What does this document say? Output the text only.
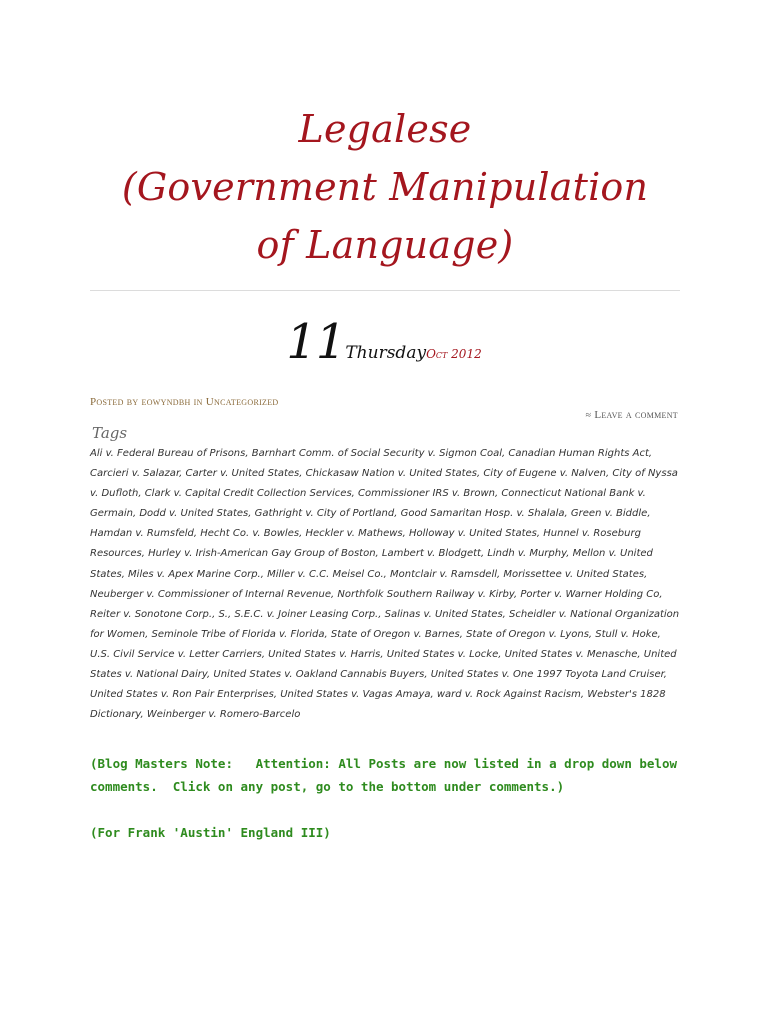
Legalese
(Government Manipulation
of Language)
11ThursdayOct 2012
Posted by eowyndbh in Uncategorized
≈ Leave a comment
Tags
Ali v. Federal Bureau of Prisons, Barnhart Comm. of Social Security v. Sigmon Coal, Canadian Human Rights Act, Carcieri v. Salazar, Carter v. United States, Chickasaw Nation v. United States, City of Eugene v. Nalven, City of Nyssa v. Dufloth, Clark v. Capital Credit Collection Services, Commissioner IRS v. Brown, Connecticut National Bank v. Germain, Dodd v. United States, Gathright v. City of Portland, Good Samaritan Hosp. v. Shalala, Green v. Biddle, Hamdan v. Rumsfeld, Hecht Co. v. Bowles, Heckler v. Mathews, Holloway v. United States, Hunnel v. Roseburg Resources, Hurley v. Irish-American Gay Group of Boston, Lambert v. Blodgett, Lindh v. Murphy, Mellon v. United States, Miles v. Apex Marine Corp., Miller v. C.C. Meisel Co., Montclair v. Ramsdell, Morissettee v. United States, Neuberger v. Commissioner of Internal Revenue, Northfolk Southern Railway v. Kirby, Porter v. Warner Holding Co, Reiter v. Sonotone Corp., S., S.E.C. v. Joiner Leasing Corp., Salinas v. United States, Scheidler v. National Organization for Women, Seminole Tribe of Florida v. Florida, State of Oregon v. Barnes, State of Oregon v. Lyons, Stull v. Hoke, U.S. Civil Service v. Letter Carriers, United States v. Harris, United States v. Locke, United States v. Menasche, United States v. National Dairy, United States v. Oakland Cannabis Buyers, United States v. One 1997 Toyota Land Cruiser, United States v. Ron Pair Enterprises, United States v. Vagas Amaya, ward v. Rock Against Racism, Webster's 1828 Dictionary, Weinberger v. Romero-Barcelo
(Blog Masters Note:   Attention: All Posts are now listed in a drop down below
comments.  Click on any post, go to the bottom under comments.)
(For Frank 'Austin' England III)
